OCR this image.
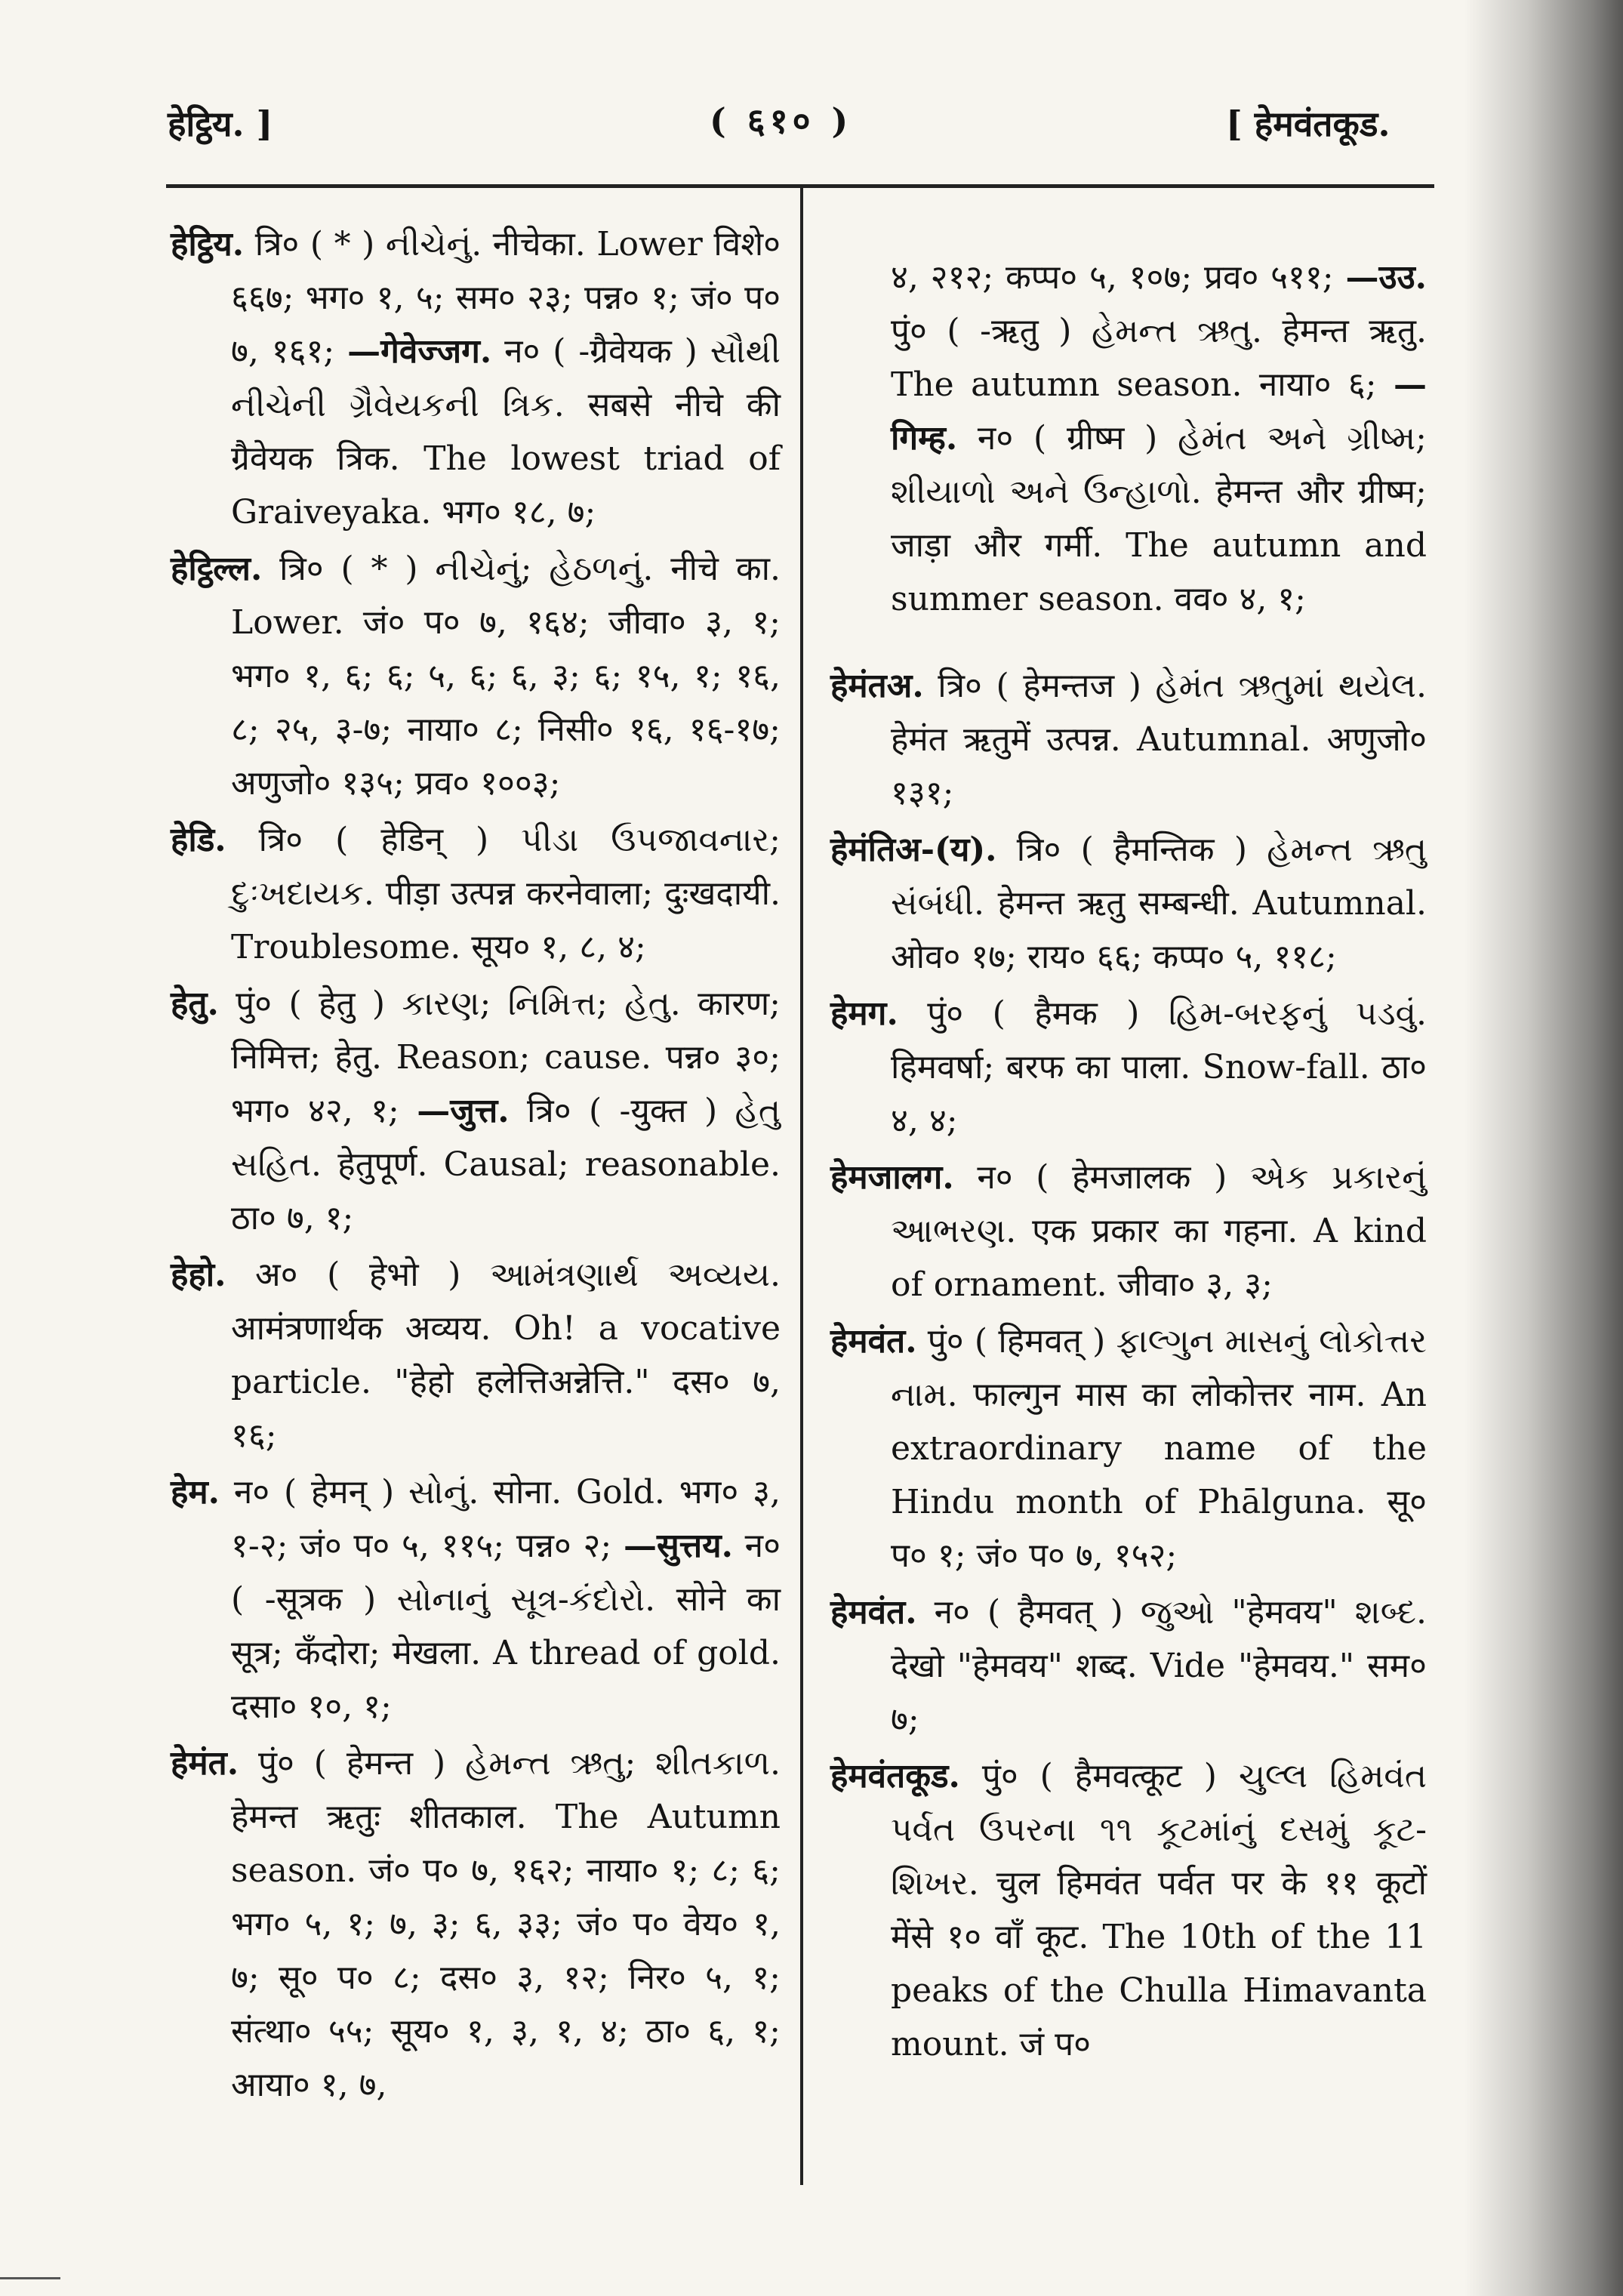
हेट्ठिय. ]	( ६१० )	[ हेमवंतकूड.

हेट्ठिय. त्रि० ( * ) નીચેનું. नीचेका. Lower विशे० ६६७; भग० १, ५; सम० २३; पन्न० १; जं० प० ७, १६१; —गेवेज्जग. न० ( -ग्रैवेयक ) સૌથી નીચેની ગ્રૈવેયકની ત્રિક. सबसे नीचे की ग्रैवेयक त्रिक. The lowest triad of Graiveyaka. भग० १८, ७;

हेट्ठिल्ल. त्रि० ( * ) નીચેનું; હેઠળનું. नीचे का. Lower. जं० प० ७, १६४; जीवा० ३, १; भग० १, ६; ६; ५, ६; ६, ३; ६; १५, १; १६, ८; २५, ३-७; नाया० ८; निसी० १६, १६-१७; अणुजो० १३५; प्रव० १००३;

हेडि. त्रि० ( हेडिन् ) પીડા ઉપજાવનાર; દુઃખદાયક. पीड़ा उत्पन्न करनेवाला; दुःखदायी. Troublesome. सूय० १, ८, ४;

हेतु. पुं० ( हेतु ) કારણ; નિમિત્ત; હેતુ. कारण; निमित्त; हेतु. Reason; cause. पन्न० ३०; भग० ४२, १; —जुत्त. त्रि० ( -युक्त ) હેતુ સહિત. हेतुपूर्ण. Causal; reasonable. ठा० ७, १;

हेहो. अ० ( हेभो ) આમંત્રણાર્થ અવ્યય. आमंत्रणार्थक अव्यय. Oh! a vocative particle. "हेहो हलेत्तिअन्नेत्ति." दस० ७, १६;

हेम. न० ( हेमन् ) સોનું. सोना. Gold. भग० ३, १-२; जं० प० ५, ११५; पन्न० २; —सुत्तय. न० ( -सूत्रक ) સોનાનું સૂત્ર-કંદોરો. सोने का सूत्र; कँदोरा; मेखला. A thread of gold. दसा० १०, १;

हेमंत. पुं० ( हेमन्त ) હેમન્ત ઋતુ; શીતકાળ. हेमन्त ऋतुः शीतकाल. The Autumn season. जं० प० ७, १६२; नाया० १; ८; ६; भग० ५, १; ७, ३; ६, ३३; जं० प० वेय० १, ७; सू० प० ८; दस० ३, १२; निर० ५, १; संत्था० ५५; सूय० १, ३, १, ४; ठा० ६, १; आया० १, ७,

४, २१२; कप्प० ५, १०७; प्रव० ५११; —उउ. पुं० ( -ऋतु ) હેમન્ત ઋતુ. हेमन्त ऋतु. The autumn season. नाया० ६; —गिम्ह. न० ( ग्रीष्म ) હેમંત અને ગ્રીષ્મ; શીયાળો અને ઉન્હાળો. हेमन्त और ग्रीष्म; जाड़ा और गर्मी. The autumn and summer season. वव० ४, १;

हेमंतअ. त्रि० ( हेमन्तज ) હેમંત ઋતુમાં થયેલ. हेमंत ऋतुमें उत्पन्न. Autumnal. अणुजो० १३१;

हेमंतिअ-(य). त्रि० ( हैमन्तिक ) હેમન્ત ઋતુ સંબંધી. हेमन्त ऋतु सम्बन्धी. Autumnal. ओव० १७; राय० ६६; कप्प० ५, ११८;

हेमग. पुं० ( हैमक ) હિમ-બરફનું પડવું. हिमवर्षा; बरफ का पाला. Snow-fall. ठा० ४, ४;

हेमजालग. न० ( हेमजालक ) એક પ્રકારનું આભરણ. एक प्रकार का गहना. A kind of ornament. जीवा० ३, ३;

हेमवंत. पुं० ( हिमवत् ) ફાલ્ગુન માસનું લોકોત્તર નામ. फाल्गुन मास का लोकोत्तर नाम. An extraordinary name of the Hindu month of Phālguna. सू० प० १; जं० प० ७, १५२;

हेमवंत. न० ( हैमवत् ) જુઓ "हेमवय" શબ્દ. देखो "हेमवय" शब्द. Vide "हेमवय." सम० ७;

हेमवंतकूड. पुं० ( हैमवत्कूट ) ચુલ્લ હિમવંત પર્વત ઉપરના ૧૧ કૂટમાંનું દસમું કૂટ-શિખર. चुल हिमवंत पर्वत पर के ११ कूटों मेंसे १० वाँ कूट. The 10th of the 11 peaks of the Chulla Himavanta mount. जं प०
